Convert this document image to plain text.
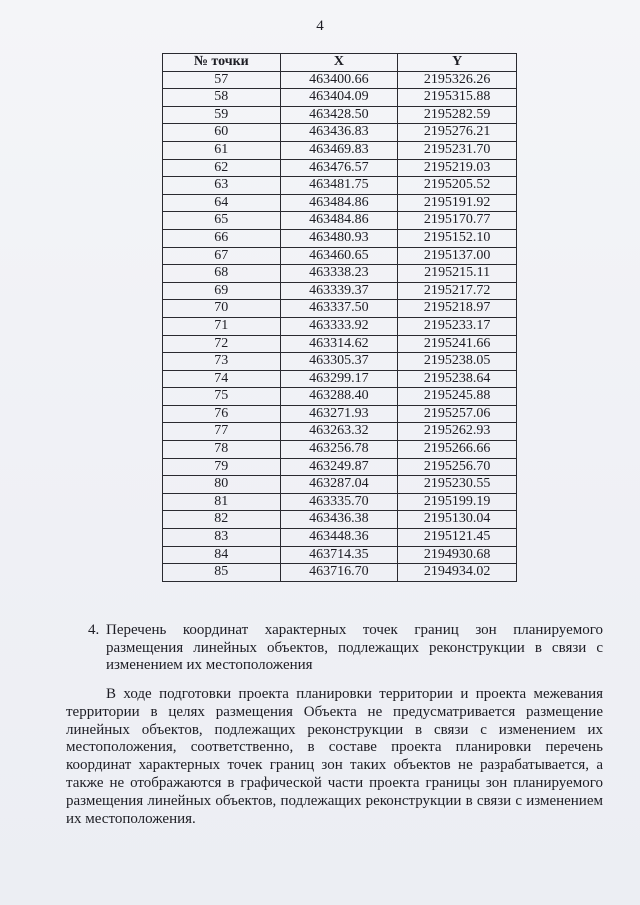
4
№ точки	X	Y
57	463400.66	2195326.26
58	463404.09	2195315.88
59	463428.50	2195282.59
60	463436.83	2195276.21
61	463469.83	2195231.70
62	463476.57	2195219.03
63	463481.75	2195205.52
64	463484.86	2195191.92
65	463484.86	2195170.77
66	463480.93	2195152.10
67	463460.65	2195137.00
68	463338.23	2195215.11
69	463339.37	2195217.72
70	463337.50	2195218.97
71	463333.92	2195233.17
72	463314.62	2195241.66
73	463305.37	2195238.05
74	463299.17	2195238.64
75	463288.40	2195245.88
76	463271.93	2195257.06
77	463263.32	2195262.93
78	463256.78	2195266.66
79	463249.87	2195256.70
80	463287.04	2195230.55
81	463335.70	2195199.19
82	463436.38	2195130.04
83	463448.36	2195121.45
84	463714.35	2194930.68
85	463716.70	2194934.02
4. Перечень координат характерных точек границ зон планируемого размещения линейных объектов, подлежащих реконструкции в связи с изменением их местоположения
В ходе подготовки проекта планировки территории и проекта межевания территории в целях размещения Объекта не предусматривается размещение линейных объектов, подлежащих реконструкции в связи с изменением их местоположения, соответственно, в составе проекта планировки перечень координат характерных точек границ зон таких объектов не разрабатывается, а также не отображаются в графической части проекта границы зон планируемого размещения линейных объектов, подлежащих реконструкции в связи с изменением их местоположения.
